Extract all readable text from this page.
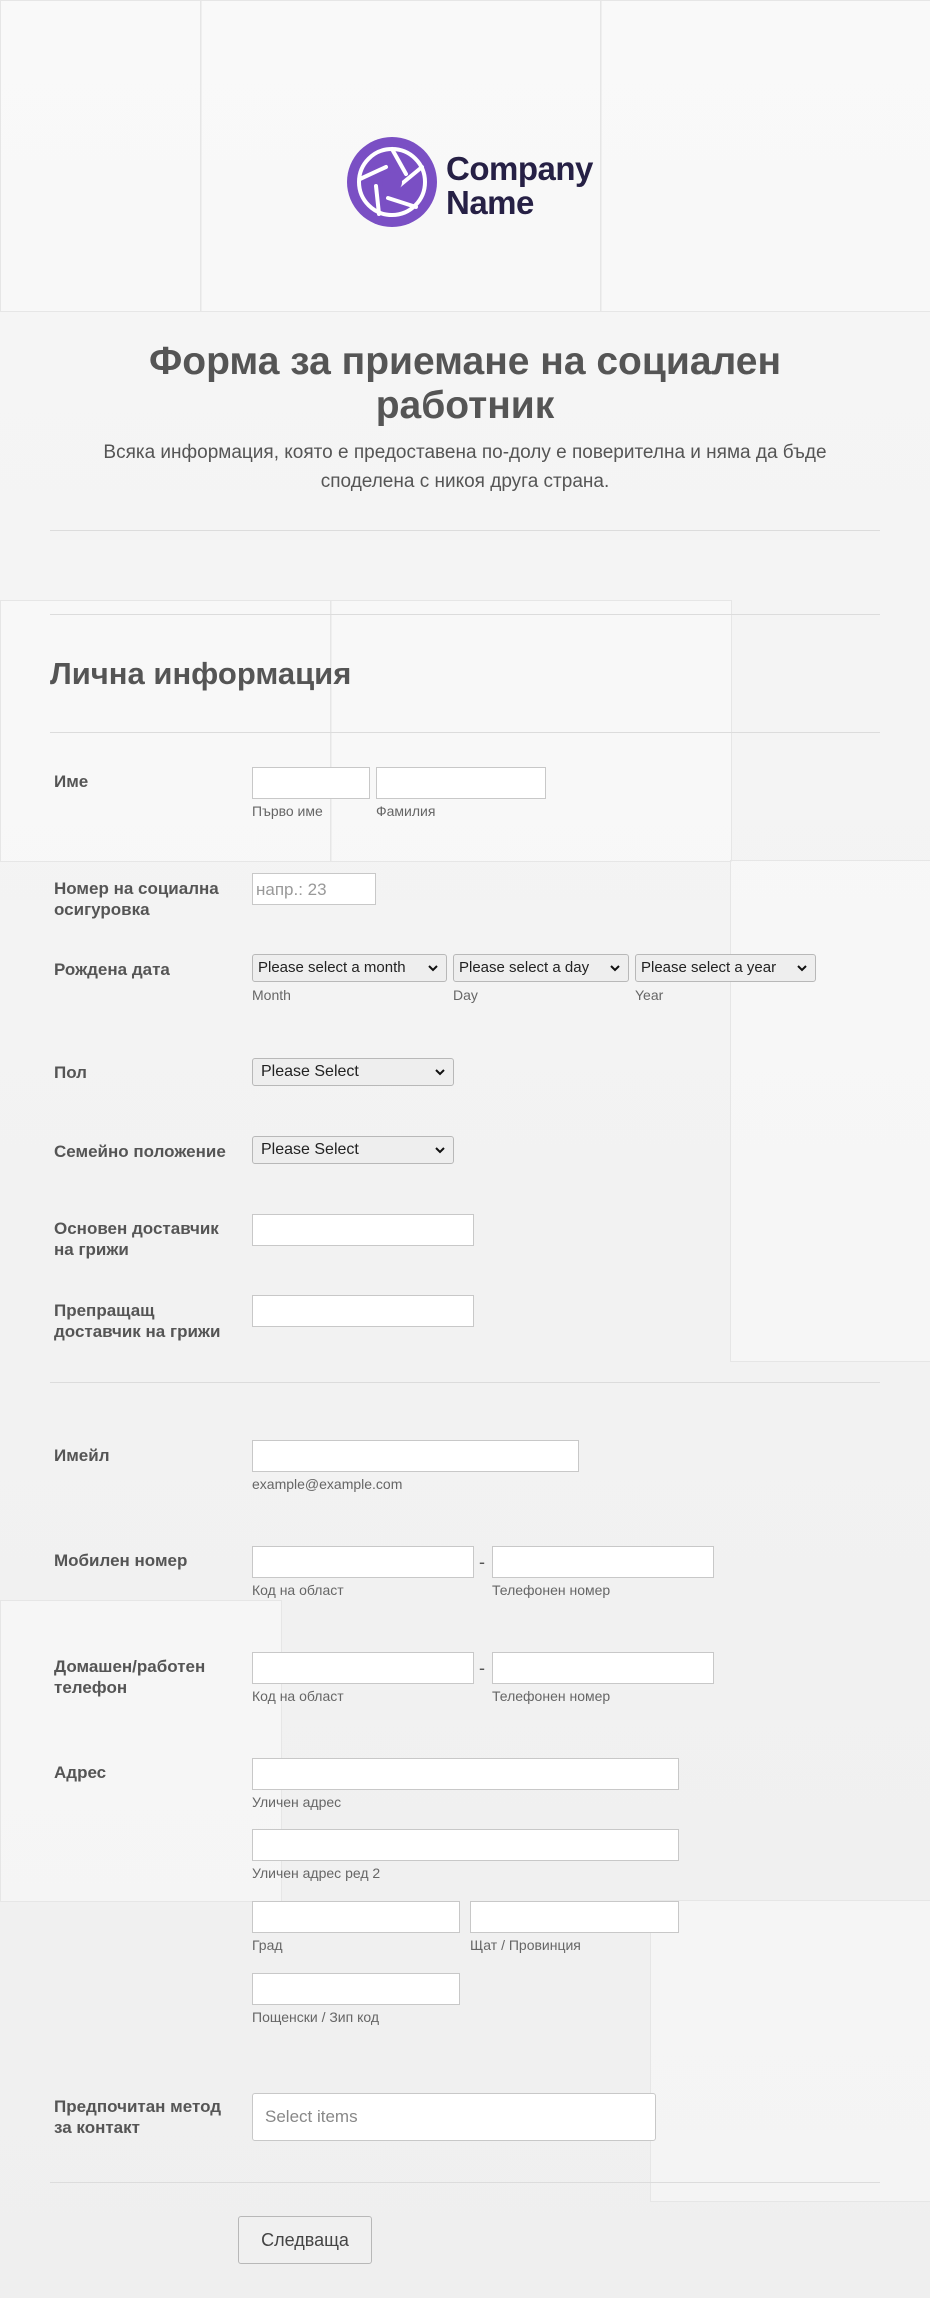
Company
Name
Форма за приемане на социален
работник
Всяка информация, която е предоставена по-долу е поверителна и няма да бъде
споделена с никоя друга страна.
Лична информация
Име
Първо име	Фамилия
Номер на социална
осигуровка
напр.: 23
Рождена дата	Please select a month	Please select a day	Please select a year
Month	Day	Year
Пол	Please Select
Семейно положение	Please Select
Основен доставчик
на грижи
Препращащ
доставчик на грижи
Имейл
example@example.com
Мобилен номер	-
Код на област	Телефонен номер
Домашен/работен
телефон
-
Код на област	Телефонен номер
Адрес
Уличен адрес
Уличен адрес ред 2
Град	Щат / Провинция
Пощенски / Зип код
Предпочитан метод
за контакт
Select items
Следваща
